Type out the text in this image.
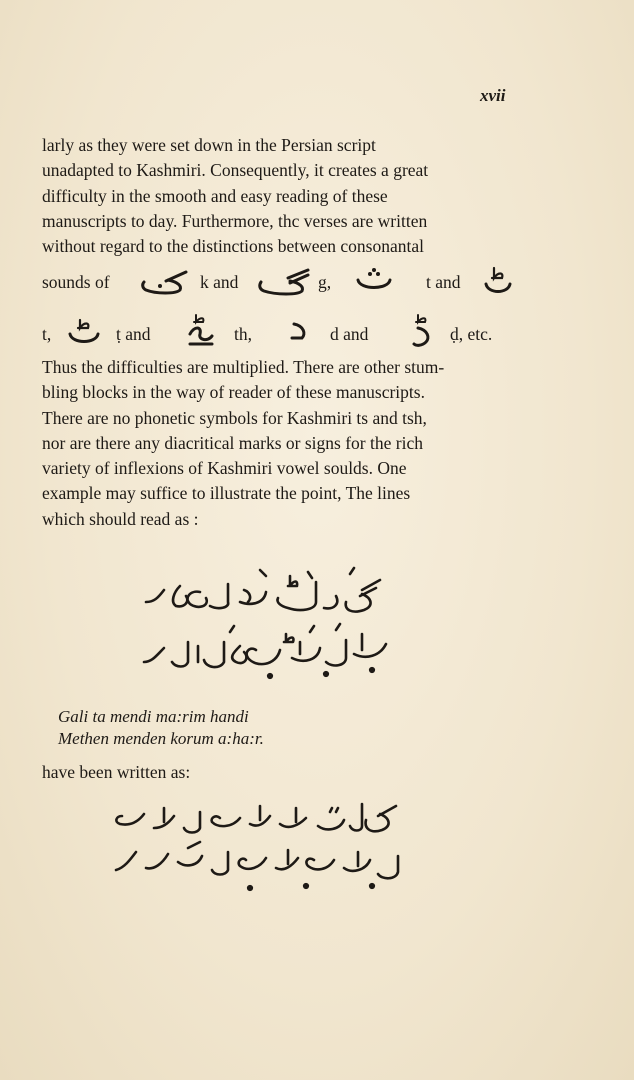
xvii
larly as they were set down in the Persian script
unadapted to Kashmiri. Consequently, it creates a great
difficulty in the smooth and easy reading of these
manuscripts to day. Furthermore, thc verses are written
without regard to the distinctions between consonantal
sounds of	k and	g,	t and
t,	ṭ and	th,	d and	ḍ, etc.
Thus the difficulties are multiplied. There are other stum-
bling blocks in the way of reader of these manuscripts.
There are no phonetic symbols for Kashmiri ts and tsh,
nor are there any diacritical marks or signs for the rich
variety of inflexions of Kashmiri vowel soulds. One
example may suffice to illustrate the point, The lines
which should read as :
Gali ta mendi ma:rim handi
Methen menden korum a:ha:r.
have been written as:
